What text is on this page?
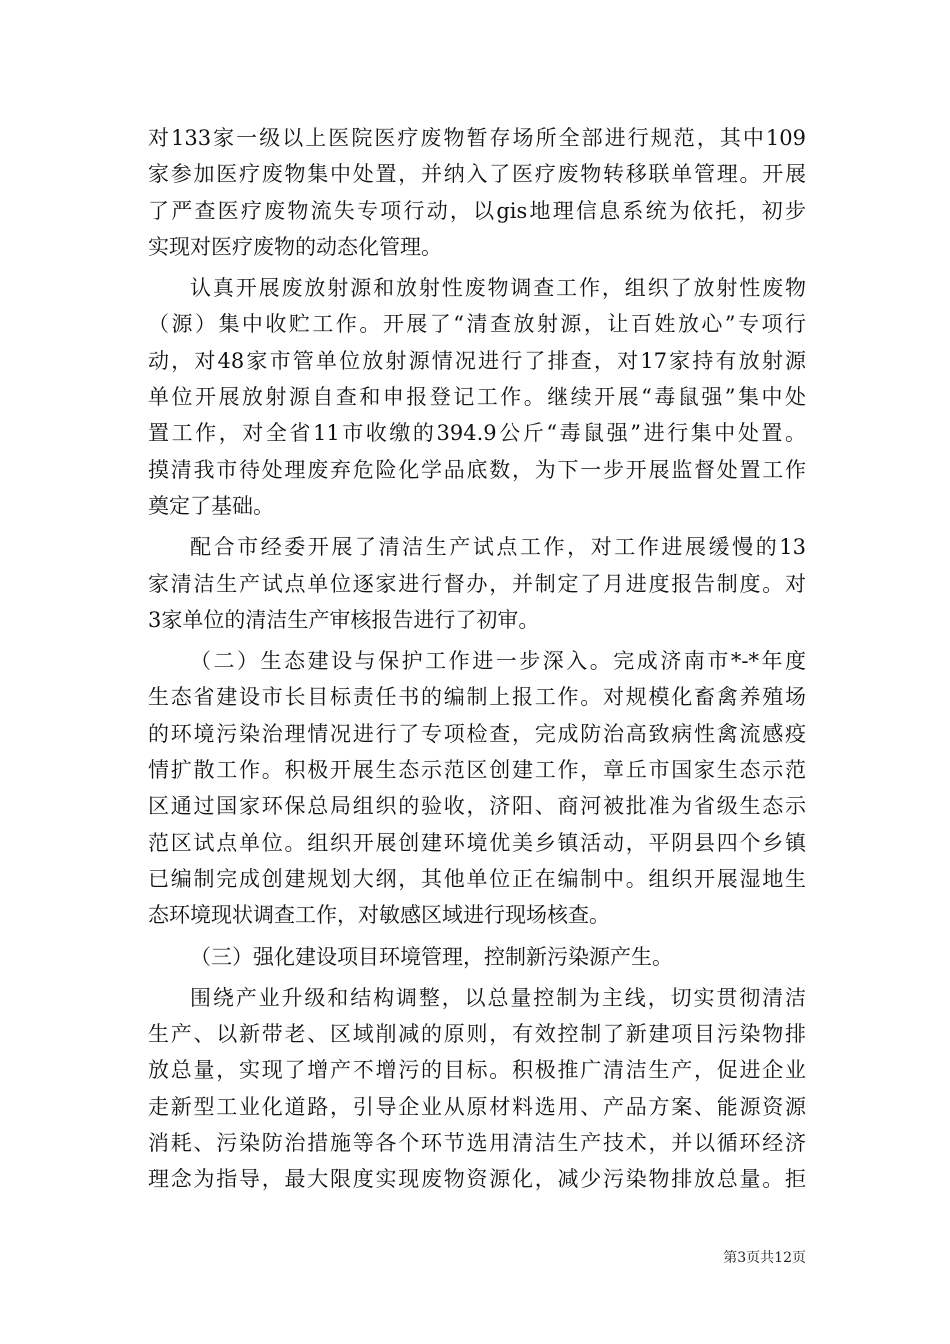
对133家一级以上医院医疗废物暂存场所全部进行规范，其中109
家参加医疗废物集中处置，并纳入了医疗废物转移联单管理。开展
了严查医疗废物流失专项行动，以gis地理信息系统为依托，初步
实现对医疗废物的动态化管理。
认真开展废放射源和放射性废物调查工作，组织了放射性废物
（源）集中收贮工作。开展了“清查放射源，让百姓放心”专项行
动，对48家市管单位放射源情况进行了排查，对17家持有放射源
单位开展放射源自查和申报登记工作。继续开展“毒鼠强”集中处
置工作，对全省11市收缴的394.9公斤“毒鼠强”进行集中处置。
摸清我市待处理废弃危险化学品底数，为下一步开展监督处置工作
奠定了基础。
配合市经委开展了清洁生产试点工作，对工作进展缓慢的13
家清洁生产试点单位逐家进行督办，并制定了月进度报告制度。对
3家单位的清洁生产审核报告进行了初审。
（二）生态建设与保护工作进一步深入。完成济南市*-*年度
生态省建设市长目标责任书的编制上报工作。对规模化畜禽养殖场
的环境污染治理情况进行了专项检查，完成防治高致病性禽流感疫
情扩散工作。积极开展生态示范区创建工作，章丘市国家生态示范
区通过国家环保总局组织的验收，济阳、商河被批准为省级生态示
范区试点单位。组织开展创建环境优美乡镇活动，平阴县四个乡镇
已编制完成创建规划大纲，其他单位正在编制中。组织开展湿地生
态环境现状调查工作，对敏感区域进行现场核查。
（三）强化建设项目环境管理，控制新污染源产生。
围绕产业升级和结构调整，以总量控制为主线，切实贯彻清洁
生产、以新带老、区域削减的原则，有效控制了新建项目污染物排
放总量，实现了增产不增污的目标。积极推广清洁生产，促进企业
走新型工业化道路，引导企业从原材料选用、产品方案、能源资源
消耗、污染防治措施等各个环节选用清洁生产技术，并以循环经济
理念为指导，最大限度实现废物资源化，减少污染物排放总量。拒
第3页共12页
